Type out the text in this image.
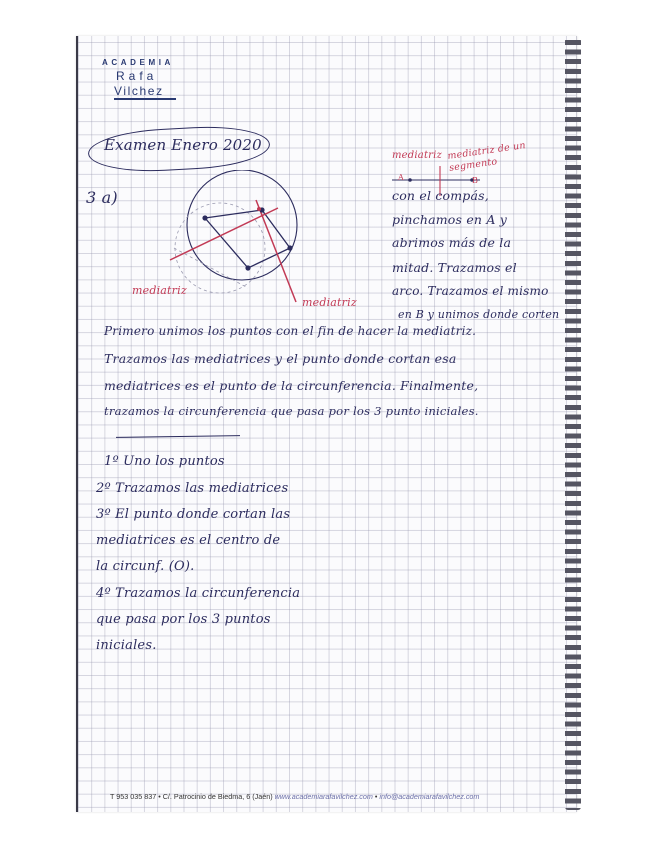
ACADEMIA
Rafa
Vilchez
Examen Enero 2020
3 a)
mediatriz
mediatriz
mediatriz mediatriz de un segmento
A	B
con el compás,
pinchamos en A y
abrimos más de la
mitad. Trazamos el
arco. Trazamos el mismo
en B y unimos donde corten
Primero unimos los puntos con el fin de hacer la mediatriz.
Trazamos las mediatrices y el punto donde cortan esa
mediatrices es el punto de la circunferencia. Finalmente,
trazamos la circunferencia que pasa por los 3 punto iniciales.
1º Uno los puntos
2º Trazamos las mediatrices
3º El punto donde cortan las
mediatrices es el centro de
la circunf. (O).
4º Trazamos la circunferencia
que pasa por los 3 puntos
iniciales.
T 953 035 837 • C/. Patrocinio de Biedma, 6 (Jaén) www.academiarafavilchez.com • info@academiarafavilchez.com
